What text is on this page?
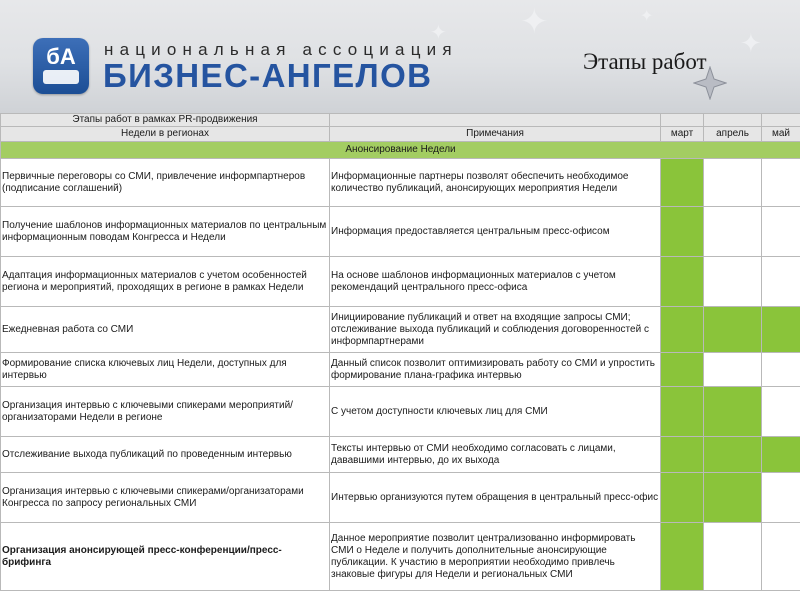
✦
✦
✦
✦
бА национальная ассоциация
БИЗНЕС-АНГЕЛОВ	Этапы работ
Этапы работ в рамках PR-продвижения				
Недели в регионах	Примечания	март	апрель	май
Анонсирование Недели				
Первичные переговоры со СМИ, привлечение информпартнеров (подписание соглашений)	Информационные партнеры позволят обеспечить необходимое количество публикаций, анонсирующих мероприятия Недели			
Получение шаблонов информационных материалов по центральным информационным поводам Конгресса и Недели	Информация предоставляется центральным пресс-офисом			
Адаптация информационных материалов с учетом особенностей региона и мероприятий, проходящих в регионе в рамках Недели	На основе шаблонов информационных материалов с учетом рекомендаций центрального пресс-офиса			
Ежедневная работа со СМИ	Инициирование публикаций и ответ на входящие запросы СМИ; отслеживание выхода публикаций и соблюдения договоренностей с информпартнерами			
Формирование списка ключевых лиц Недели, доступных для интервью	Данный список позволит оптимизировать работу со СМИ и упростить формирование плана-графика интервью			
Организация интервью с ключевыми спикерами мероприятий/организаторами Недели в регионе	С учетом доступности ключевых лиц для СМИ			
Отслеживание выхода публикаций по проведенным интервью	Тексты интервью от СМИ необходимо согласовать с лицами, дававшими интервью, до их выхода			
Организация интервью с ключевыми спикерами/организаторами Конгресса по запросу региональных СМИ	Интервью организуются путем обращения в центральный пресс-офис			
Организация анонсирующей пресс-конференции/пресс-брифинга	Данное мероприятие позволит централизованно информировать СМИ о Неделе и получить дополнительные анонсирующие публикации. К участию в мероприятии необходимо привлечь знаковые фигуры для Недели и региональных СМИ			
